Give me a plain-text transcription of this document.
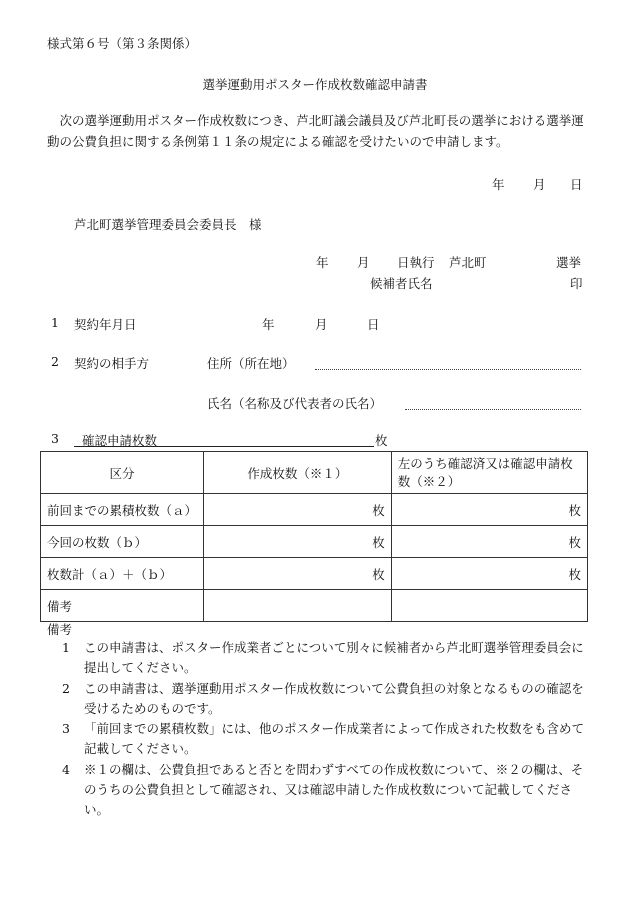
様式第６号（第３条関係）
選挙運動用ポスター作成枚数確認申請書
次の選挙運動用ポスター作成枚数につき、芦北町議会議員及び芦北町長の選挙における選挙運動の公費負担に関する条例第１１条の規定による確認を受けたいので申請します。
年 月 日
芦北町選挙管理委員会委員長　様
年 月 日執行 芦北町	選挙
候補者氏名	印
1 契約年月日	年	月	日
2 契約の相手方	住所（所在地）
氏名（名称及び代表者の氏名）
3 確認申請枚数	枚
区分	作成枚数（※１）	左のうち確認済又は確認申請枚数（※２）
前回までの累積枚数（ａ）	枚	枚
今回の枚数（ｂ）	枚	枚
枚数計（ａ）＋（ｂ）	枚	枚
備考		
備考
1 この申請書は、ポスター作成業者ごとについて別々に候補者から芦北町選挙管理委員会に提出してください。
2 この申請書は、選挙運動用ポスター作成枚数について公費負担の対象となるものの確認を受けるためのものです。
3 「前回までの累積枚数」には、他のポスター作成業者によって作成された枚数をも含めて記載してください。
4 ※１の欄は、公費負担であると否とを問わずすべての作成枚数について、※２の欄は、そのうちの公費負担として確認され、又は確認申請した作成枚数について記載してください。
